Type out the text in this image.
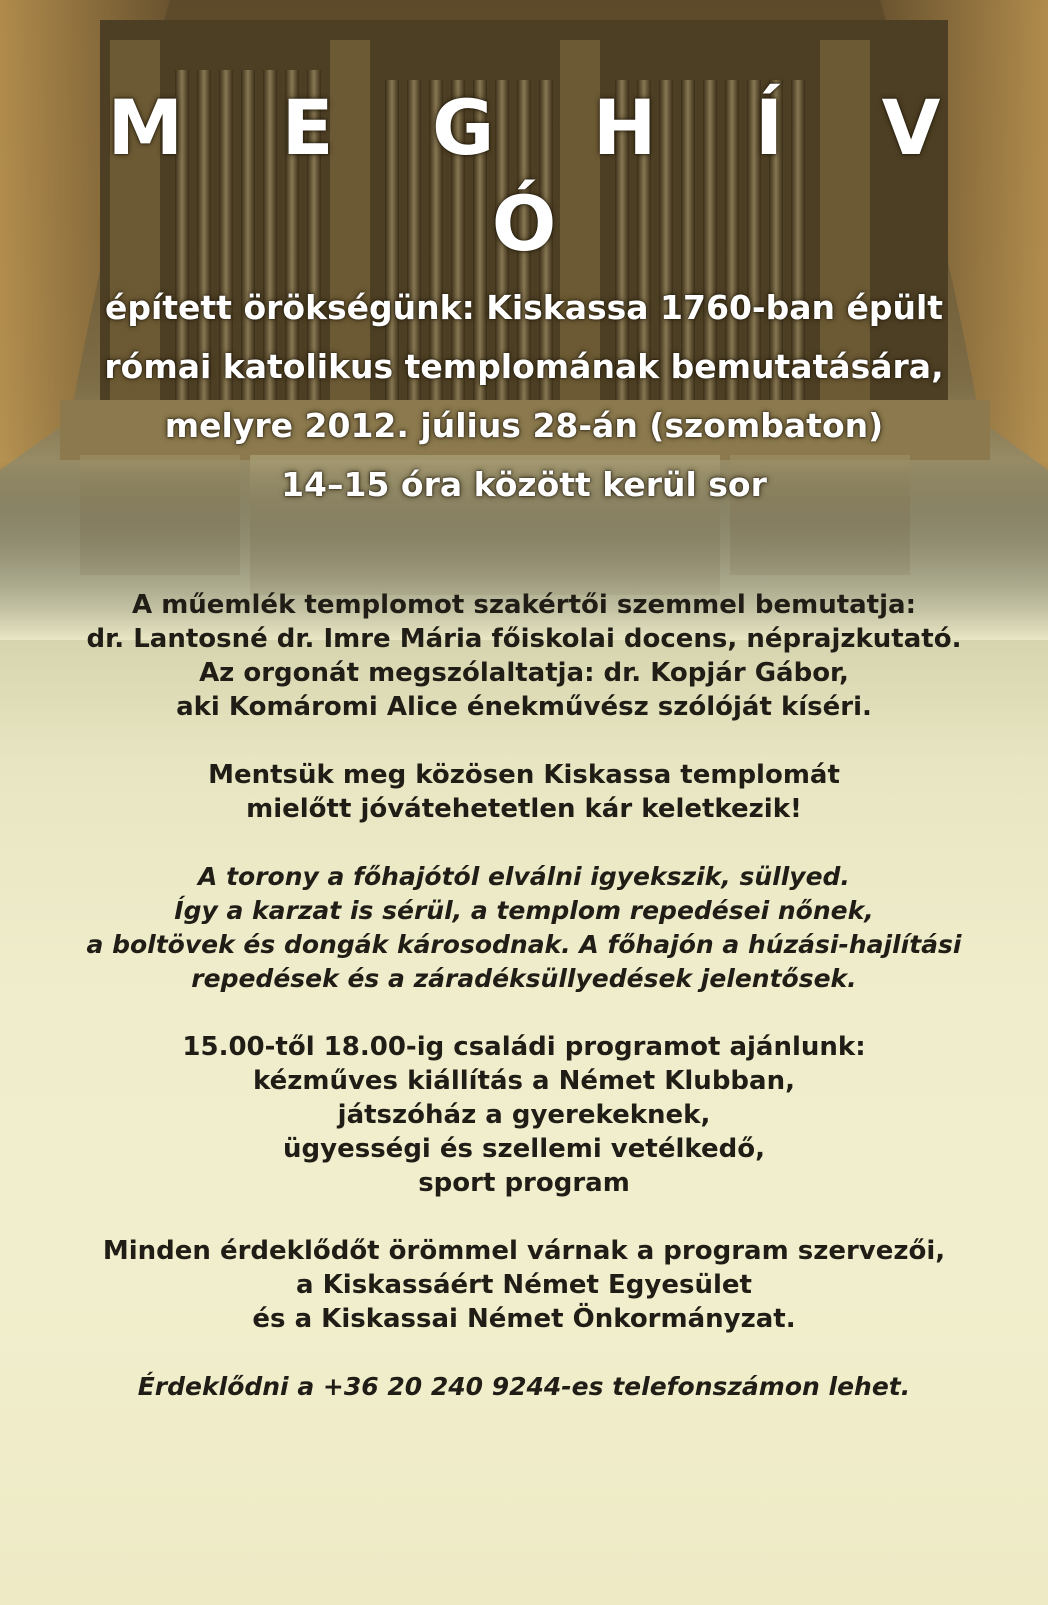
M E G H Í V Ó
épített örökségünk: Kiskassa 1760-ban épült
római katolikus templomának bemutatására,
melyre 2012. július 28-án (szombaton)
14–15 óra között kerül sor

A műemlék templomot szakértői szemmel bemutatja:
dr. Lantosné dr. Imre Mária főiskolai docens, néprajzkutató.
Az orgonát megszólaltatja: dr. Kopjár Gábor,
aki Komáromi Alice énekművész szólóját kíséri.

Mentsük meg közösen Kiskassa templomát
mielőtt jóvátehetetlen kár keletkezik!

A torony a főhajótól elválni igyekszik, süllyed.
Így a karzat is sérül, a templom repedései nőnek,
a boltövek és dongák károsodnak. A főhajón a húzási-hajlítási
repedések és a záradéksüllyedések jelentősek.

15.00-től 18.00-ig családi programot ajánlunk:
kézműves kiállítás a Német Klubban,
játszóház a gyerekeknek,
ügyességi és szellemi vetélkedő,
sport program

Minden érdeklődőt örömmel várnak a program szervezői,
a Kiskassáért Német Egyesület
és a Kiskassai Német Önkormányzat.

Érdeklődni a +36 20 240 9244-es telefonszámon lehet.
